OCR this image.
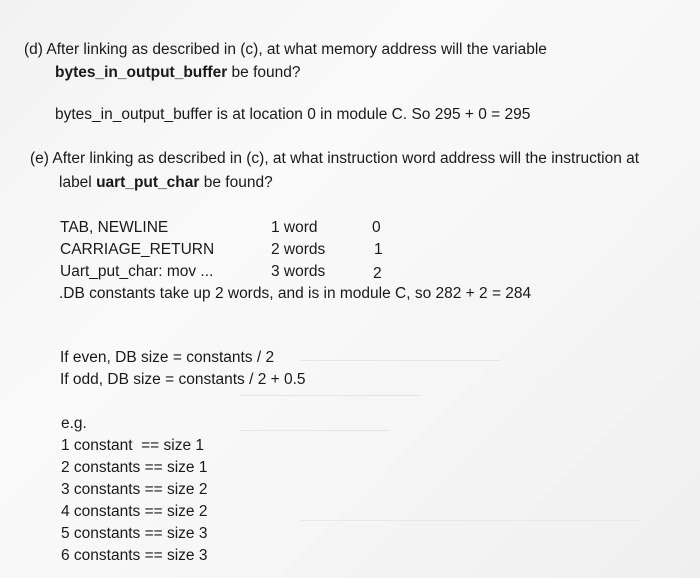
(d) After linking as described in (c), at what memory address will the variable
bytes_in_output_buffer be found?
bytes_in_output_buffer is at location 0 in module C. So 295 + 0 = 295
(e) After linking as described in (c), at what instruction word address will the instruction at
label uart_put_char be found?
TAB, NEWLINE	1 word	0
CARRIAGE_RETURN	2 words	1
Uart_put_char: mov ...	3 words	2
.DB constants take up 2 words, and is in module C, so 282 + 2 = 284
If even, DB size = constants / 2
If odd, DB size = constants / 2 + 0.5
e.g.
1 constant  == size 1
2 constants == size 1
3 constants == size 2
4 constants == size 2
5 constants == size 3
6 constants == size 3
